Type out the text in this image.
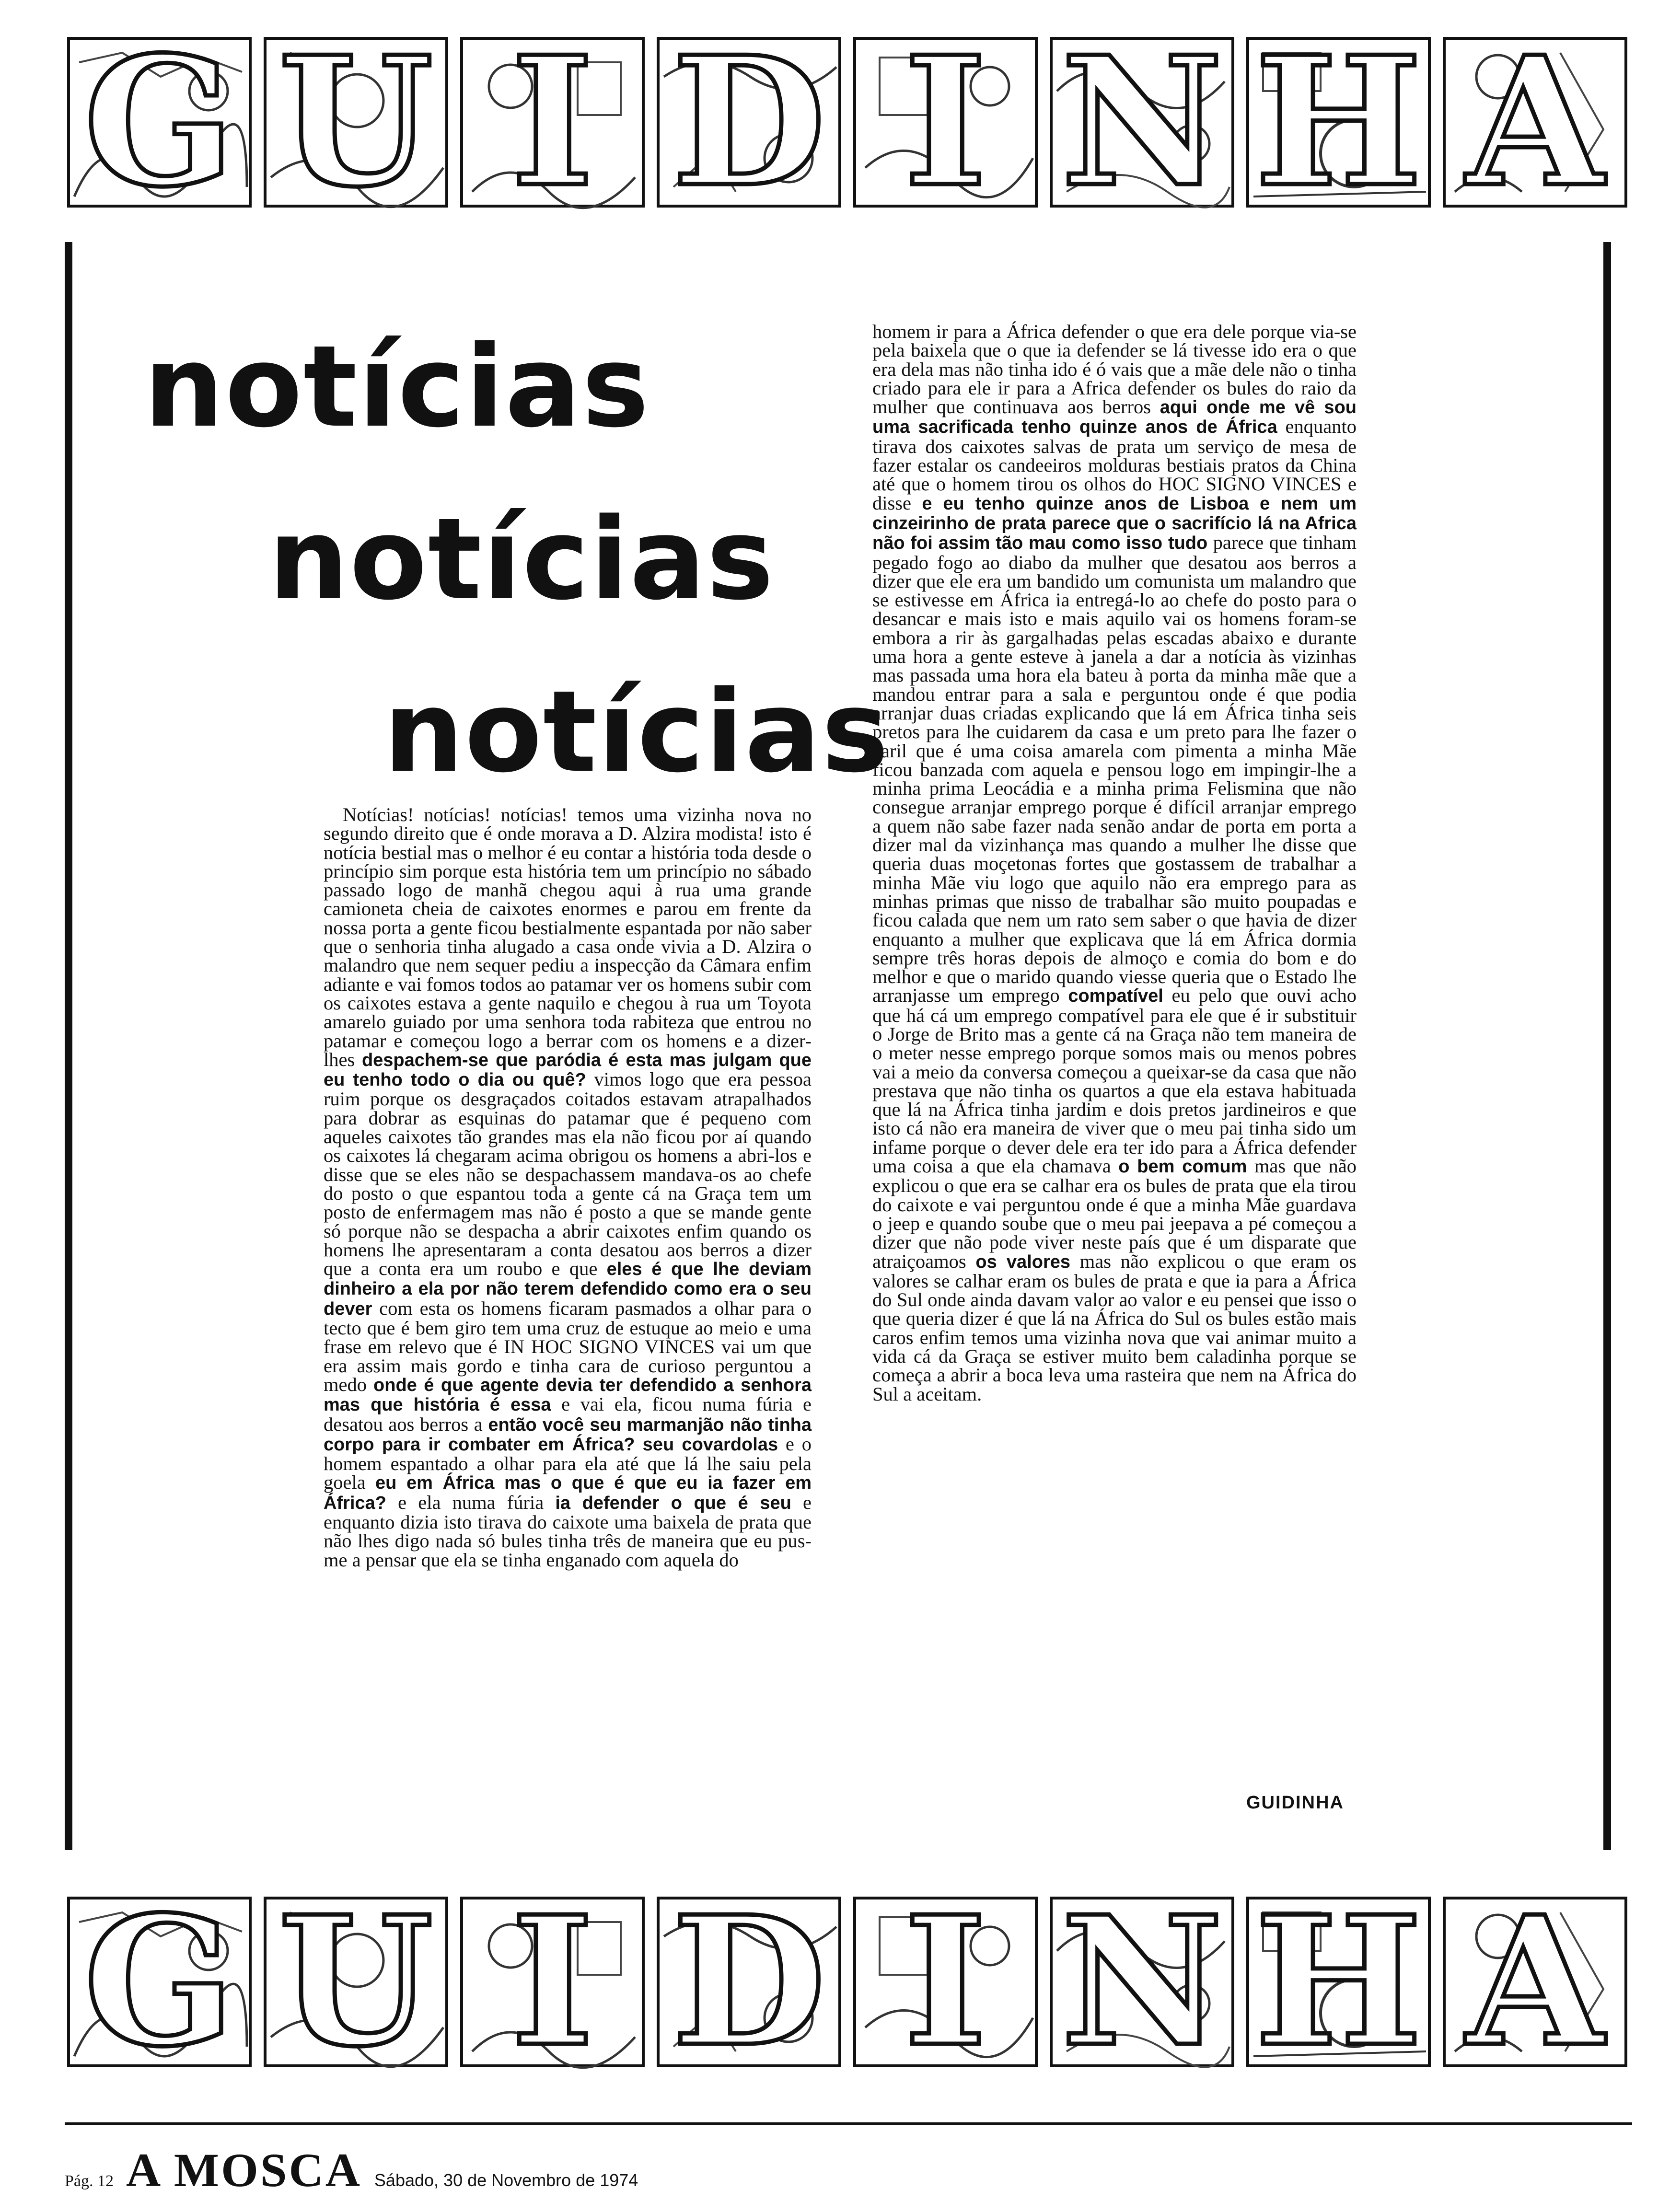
G U I D I N H A
notícias
notícias
notícias

Notícias! notícias! notícias! temos uma vizinha nova no segundo direito que é onde morava a D. Alzira modista! isto é notícia bestial mas o melhor é eu contar a história toda desde o princípio sim porque esta história tem um princípio no sábado passado logo de manhã chegou aqui à rua uma grande camioneta cheia de caixotes enormes e parou em frente da nossa porta a gente ficou bestialmente espantada por não saber que o senhoria tinha alugado a casa onde vivia a D. Alzira o malandro que nem sequer pediu a inspecção da Câmara enfim adiante e vai fomos todos ao patamar ver os homens subir com os caixotes estava a gente naquilo e chegou à rua um Toyota amarelo guiado por uma senhora toda rabiteza que entrou no patamar e começou logo a berrar com os homens e a dizer-lhes despachem-se que paródia é esta mas julgam que eu tenho todo o dia ou quê? vimos logo que era pessoa ruim porque os desgraçados coitados estavam atrapalhados para dobrar as esquinas do patamar que é pequeno com aqueles caixotes tão grandes mas ela não ficou por aí quando os caixotes lá chegaram acima obrigou os homens a abri-los e disse que se eles não se despachassem mandava-os ao chefe do posto o que espantou toda a gente cá na Graça tem um posto de enfermagem mas não é posto a que se mande gente só porque não se despacha a abrir caixotes enfim quando os homens lhe apresentaram a conta desatou aos berros a dizer que a conta era um roubo e que eles é que lhe deviam dinheiro a ela por não terem defendido como era o seu dever com esta os homens ficaram pasmados a olhar para o tecto que é bem giro tem uma cruz de estuque ao meio e uma frase em relevo que é IN HOC SIGNO VINCES vai um que era assim mais gordo e tinha cara de curioso perguntou a medo onde é que agente devia ter defendido a senhora mas que história é essa e vai ela, ficou numa fúria e desatou aos berros a então você seu marmanjão não tinha corpo para ir combater em África? seu covardolas e o homem espantado a olhar para ela até que lá lhe saiu pela goela eu em África mas o que é que eu ia fazer em África? e ela numa fúria ia defender o que é seu e enquanto dizia isto tirava do caixote uma baixela de prata que não lhes digo nada só bules tinha três de maneira que eu pus-me a pensar que ela se tinha enganado com aquela do

homem ir para a África defender o que era dele porque via-se pela baixela que o que ia defender se lá tivesse ido era o que era dela mas não tinha ido é ó vais que a mãe dele não o tinha criado para ele ir para a Africa defender os bules do raio da mulher que continuava aos berros aqui onde me vê sou uma sacrificada tenho quinze anos de África enquanto tirava dos caixotes salvas de prata um serviço de mesa de fazer estalar os candeeiros molduras bestiais pratos da China até que o homem tirou os olhos do HOC SIGNO VINCES e disse e eu tenho quinze anos de Lisboa e nem um cinzeirinho de prata parece que o sacrifício lá na Africa não foi assim tão mau como isso tudo parece que tinham pegado fogo ao diabo da mulher que desatou aos berros a dizer que ele era um bandido um comunista um malandro que se estivesse em África ia entregá-lo ao chefe do posto para o desancar e mais isto e mais aquilo vai os homens foram-se embora a rir às gargalhadas pelas escadas abaixo e durante uma hora a gente esteve à janela a dar a notícia às vizinhas mas passada uma hora ela bateu à porta da minha mãe que a mandou entrar para a sala e perguntou onde é que podia arranjar duas criadas explicando que lá em África tinha seis pretos para lhe cuidarem da casa e um preto para lhe fazer o caril que é uma coisa amarela com pimenta a minha Mãe ficou banzada com aquela e pensou logo em impingir-lhe a minha prima Leocádia e a minha prima Felismina que não consegue arranjar emprego porque é difícil arranjar emprego a quem não sabe fazer nada senão andar de porta em porta a dizer mal da vizinhança mas quando a mulher lhe disse que queria duas moçetonas fortes que gostassem de trabalhar a minha Mãe viu logo que aquilo não era emprego para as minhas primas que nisso de trabalhar são muito poupadas e ficou calada que nem um rato sem saber o que havia de dizer enquanto a mulher que explicava que lá em África dormia sempre três horas depois de almoço e comia do bom e do melhor e que o marido quando viesse queria que o Estado lhe arranjasse um emprego compatível eu pelo que ouvi acho que há cá um emprego compatível para ele que é ir substituir o Jorge de Brito mas a gente cá na Graça não tem maneira de o meter nesse emprego porque somos mais ou menos pobres vai a meio da conversa começou a queixar-se da casa que não prestava que não tinha os quartos a que ela estava habituada que lá na África tinha jardim e dois pretos jardineiros e que isto cá não era maneira de viver que o meu pai tinha sido um infame porque o dever dele era ter ido para a África defender uma coisa a que ela chamava o bem comum mas que não explicou o que era se calhar era os bules de prata que ela tirou do caixote e vai perguntou onde é que a minha Mãe guardava o jeep e quando soube que o meu pai jeepava a pé começou a dizer que não pode viver neste país que é um disparate que atraiçoamos os valores mas não explicou o que eram os valores se calhar eram os bules de prata e que ia para a África do Sul onde ainda davam valor ao valor e eu pensei que isso o que queria dizer é que lá na África do Sul os bules estão mais caros enfim temos uma vizinha nova que vai animar muito a vida cá da Graça se estiver muito bem caladinha porque se começa a abrir a boca leva uma rasteira que nem na África do Sul a aceitam.

GUIDINHA
G U I D I N H A
Pág. 12 A MOSCA Sábado, 30 de Novembro de 1974
